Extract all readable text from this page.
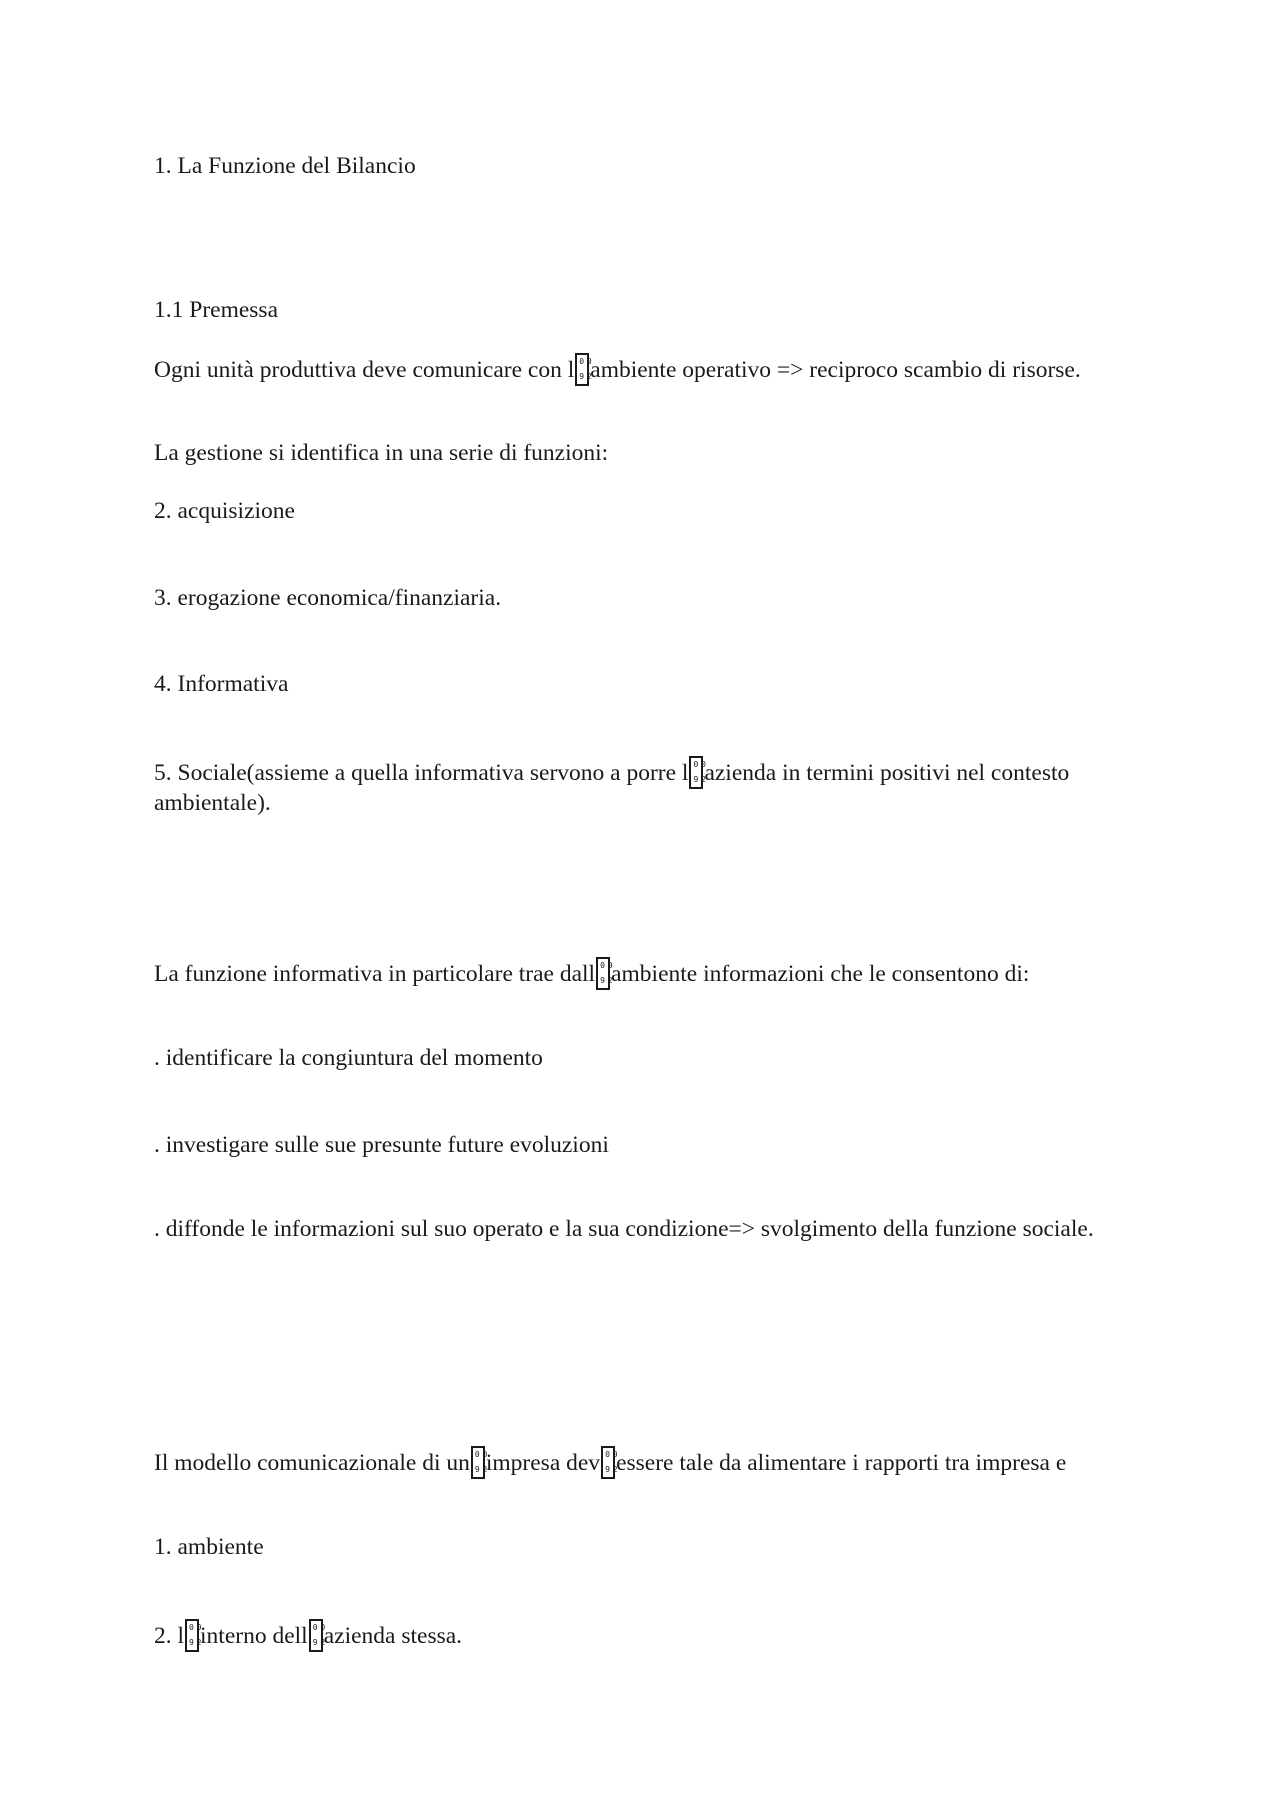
1. La Funzione del Bilancio
1.1 Premessa
Ogni unità produttiva deve comunicare con l 0 0 9 2 ambiente operativo => reciproco scambio di risorse.
La gestione si identifica in una serie di funzioni:
2. acquisizione
3. erogazione economica/finanziaria.
4. Informativa
5. Sociale(assieme a quella informativa servono a porre l 0 0 9 2 azienda in termini positivi nel contesto ambientale).
La funzione informativa in particolare trae dall 0 0 9 2 ambiente informazioni che le consentono di:
. identificare la congiuntura del momento
. investigare sulle sue presunte future evoluzioni
. diffonde le informazioni sul suo operato e la sua condizione=> svolgimento della funzione sociale.
Il modello comunicazionale di un 0 0 9 2 impresa dev 0 0 9 2 essere tale da alimentare i rapporti tra impresa e
1. ambiente
2. l 0 0 9 2 interno dell 0 0 9 2 azienda stessa.
